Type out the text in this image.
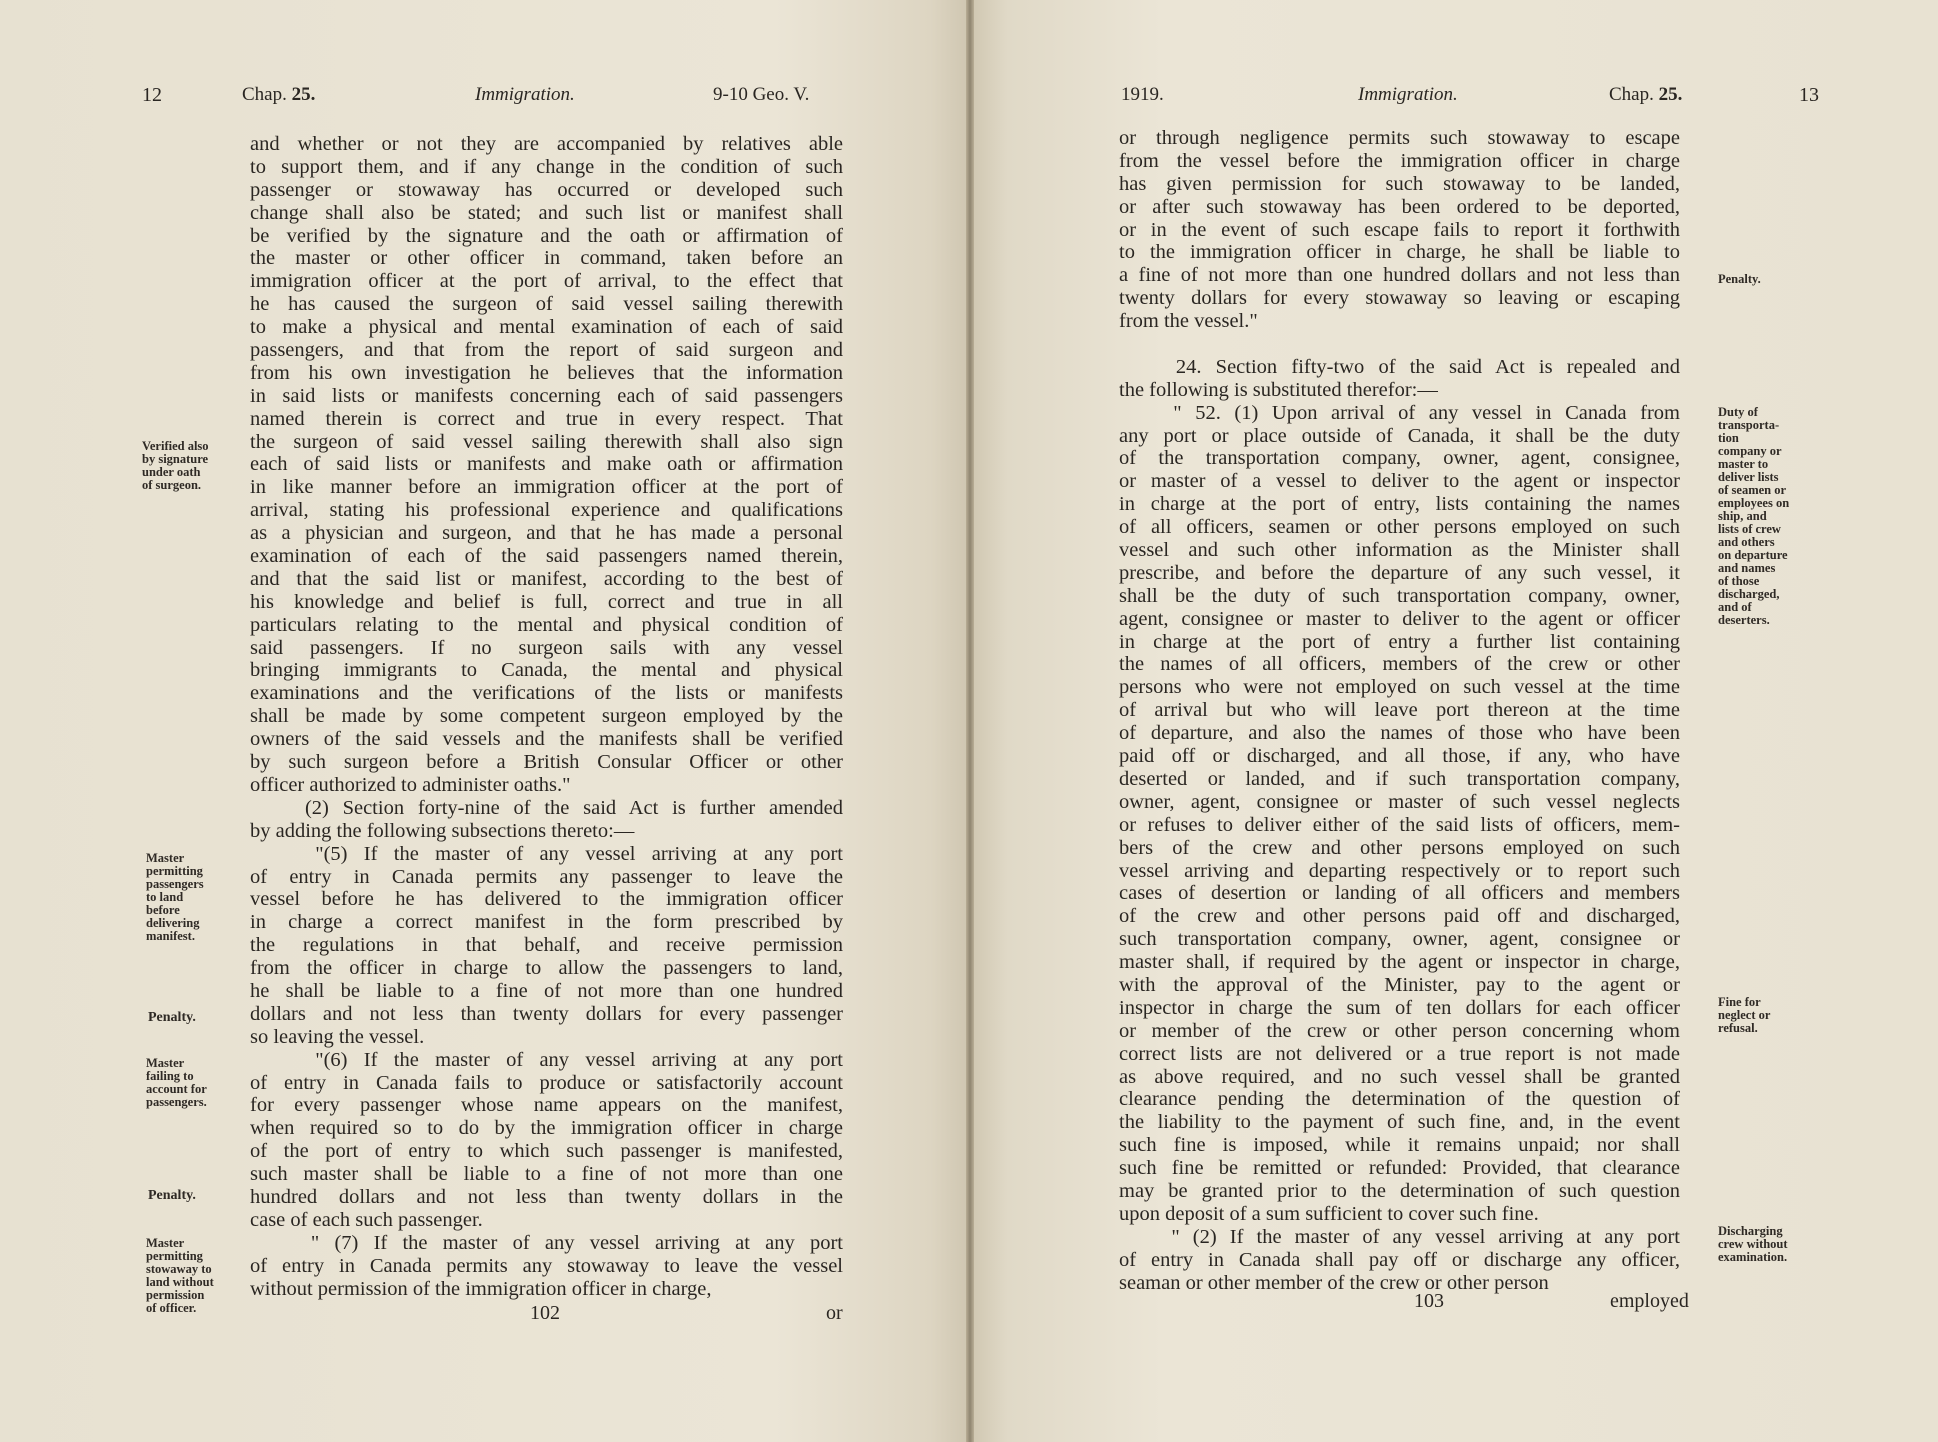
12	Chap. 25.	Immigration.	9-10 Geo. V.
and whether or not they are accompanied by relatives able
to support them, and if any change in the condition of such
passenger or stowaway has occurred or developed such
change shall also be stated; and such list or manifest shall
be verified by the signature and the oath or affirmation of
the master or other officer in command, taken before an
immigration officer at the port of arrival, to the effect that
he has caused the surgeon of said vessel sailing therewith
to make a physical and mental examination of each of said
passengers, and that from the report of said surgeon and
from his own investigation he believes that the information
in said lists or manifests concerning each of said passengers
named therein is correct and true in every respect. That
the surgeon of said vessel sailing therewith shall also sign
each of said lists or manifests and make oath or affirmation
in like manner before an immigration officer at the port of
arrival, stating his professional experience and qualifications
as a physician and surgeon, and that he has made a personal
examination of each of the said passengers named therein,
and that the said list or manifest, according to the best of
his knowledge and belief is full, correct and true in all
particulars relating to the mental and physical condition of
said passengers. If no surgeon sails with any vessel
bringing immigrants to Canada, the mental and physical
examinations and the verifications of the lists or manifests
shall be made by some competent surgeon employed by the
owners of the said vessels and the manifests shall be verified
by such surgeon before a British Consular Officer or other
officer authorized to administer oaths."
(2) Section forty-nine of the said Act is further amended
by adding the following subsections thereto:—
"(5) If the master of any vessel arriving at any port
of entry in Canada permits any passenger to leave the
vessel before he has delivered to the immigration officer
in charge a correct manifest in the form prescribed by
the regulations in that behalf, and receive permission
from the officer in charge to allow the passengers to land,
he shall be liable to a fine of not more than one hundred
dollars and not less than twenty dollars for every passenger
so leaving the vessel.
"(6) If the master of any vessel arriving at any port
of entry in Canada fails to produce or satisfactorily account
for every passenger whose name appears on the manifest,
when required so to do by the immigration officer in charge
of the port of entry to which such passenger is manifested,
such master shall be liable to a fine of not more than one
hundred dollars and not less than twenty dollars in the
case of each such passenger.
" (7) If the master of any vessel arriving at any port
of entry in Canada permits any stowaway to leave the vessel
without permission of the immigration officer in charge,
Verified also
by signature
under oath
of surgeon.
Master
permitting
passengers
to land
before
delivering
manifest.
Penalty.
Master
failing to
account for
passengers.
Penalty.
Master
permitting
stowaway to
land without
permission
of officer.	102	or
1919.	Immigration.	Chap. 25.	13
or through negligence permits such stowaway to escape
from the vessel before the immigration officer in charge
has given permission for such stowaway to be landed,
or after such stowaway has been ordered to be deported,
or in the event of such escape fails to report it forthwith
to the immigration officer in charge, he shall be liable to
a fine of not more than one hundred dollars and not less than
twenty dollars for every stowaway so leaving or escaping
from the vessel."
24. Section fifty-two of the said Act is repealed and
the following is substituted therefor:—
" 52. (1) Upon arrival of any vessel in Canada from
any port or place outside of Canada, it shall be the duty
of the transportation company, owner, agent, consignee,
or master of a vessel to deliver to the agent or inspector
in charge at the port of entry, lists containing the names
of all officers, seamen or other persons employed on such
vessel and such other information as the Minister shall
prescribe, and before the departure of any such vessel, it
shall be the duty of such transportation company, owner,
agent, consignee or master to deliver to the agent or officer
in charge at the port of entry a further list containing
the names of all officers, members of the crew or other
persons who were not employed on such vessel at the time
of arrival but who will leave port thereon at the time
of departure, and also the names of those who have been
paid off or discharged, and all those, if any, who have
deserted or landed, and if such transportation company,
owner, agent, consignee or master of such vessel neglects
or refuses to deliver either of the said lists of officers, mem-
bers of the crew and other persons employed on such
vessel arriving and departing respectively or to report such
cases of desertion or landing of all officers and members
of the crew and other persons paid off and discharged,
such transportation company, owner, agent, consignee or
master shall, if required by the agent or inspector in charge,
with the approval of the Minister, pay to the agent or
inspector in charge the sum of ten dollars for each officer
or member of the crew or other person concerning whom
correct lists are not delivered or a true report is not made
as above required, and no such vessel shall be granted
clearance pending the determination of the question of
the liability to the payment of such fine, and, in the event
such fine is imposed, while it remains unpaid; nor shall
such fine be remitted or refunded: Provided, that clearance
may be granted prior to the determination of such question
upon deposit of a sum sufficient to cover such fine.
" (2) If the master of any vessel arriving at any port
of entry in Canada shall pay off or discharge any officer,
seaman or other member of the crew or other person
Penalty.
Duty of
transporta-
tion
company or
master to
deliver lists
of seamen or
employees on
ship, and
lists of crew
and others
on departure
and names
of those
discharged,
and of
deserters.
Fine for
neglect or
refusal.
Discharging
crew without
examination.
103	employed
